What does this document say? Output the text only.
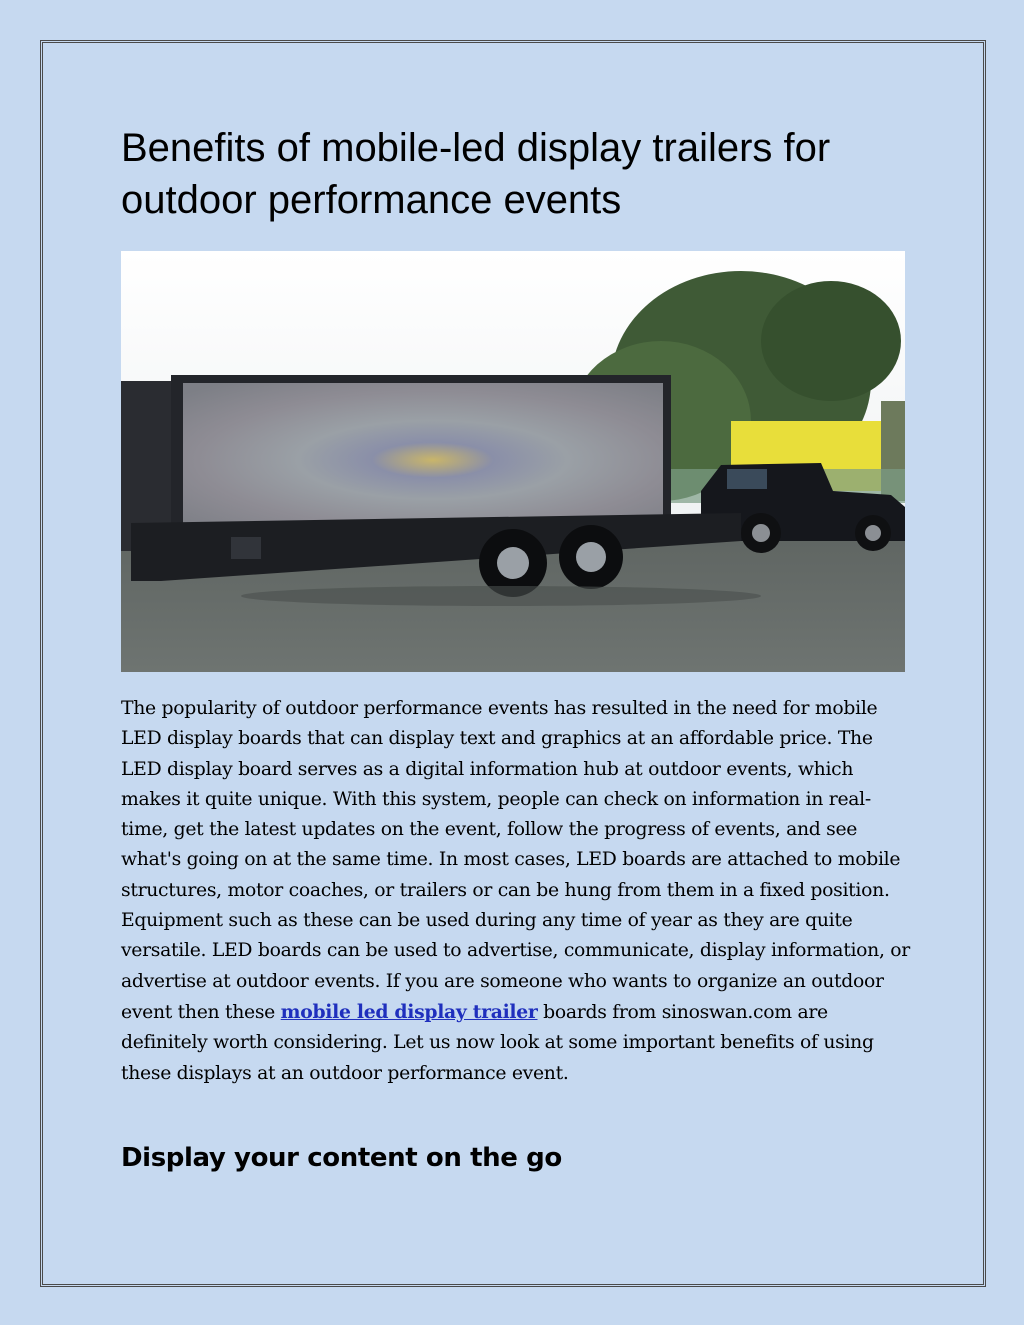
Benefits of mobile-led display trailers for outdoor performance events

The popularity of outdoor performance events has resulted in the need for mobile LED display boards that can display text and graphics at an affordable price. The LED display board serves as a digital information hub at outdoor events, which makes it quite unique. With this system, people can check on information in real-time, get the latest updates on the event, follow the progress of events, and see what's going on at the same time. In most cases, LED boards are attached to mobile structures, motor coaches, or trailers or can be hung from them in a fixed position. Equipment such as these can be used during any time of year as they are quite versatile. LED boards can be used to advertise, communicate, display information, or advertise at outdoor events. If you are someone who wants to organize an outdoor event then these mobile led display trailer boards from sinoswan.com are definitely worth considering. Let us now look at some important benefits of using these displays at an outdoor performance event.

Display your content on the go
